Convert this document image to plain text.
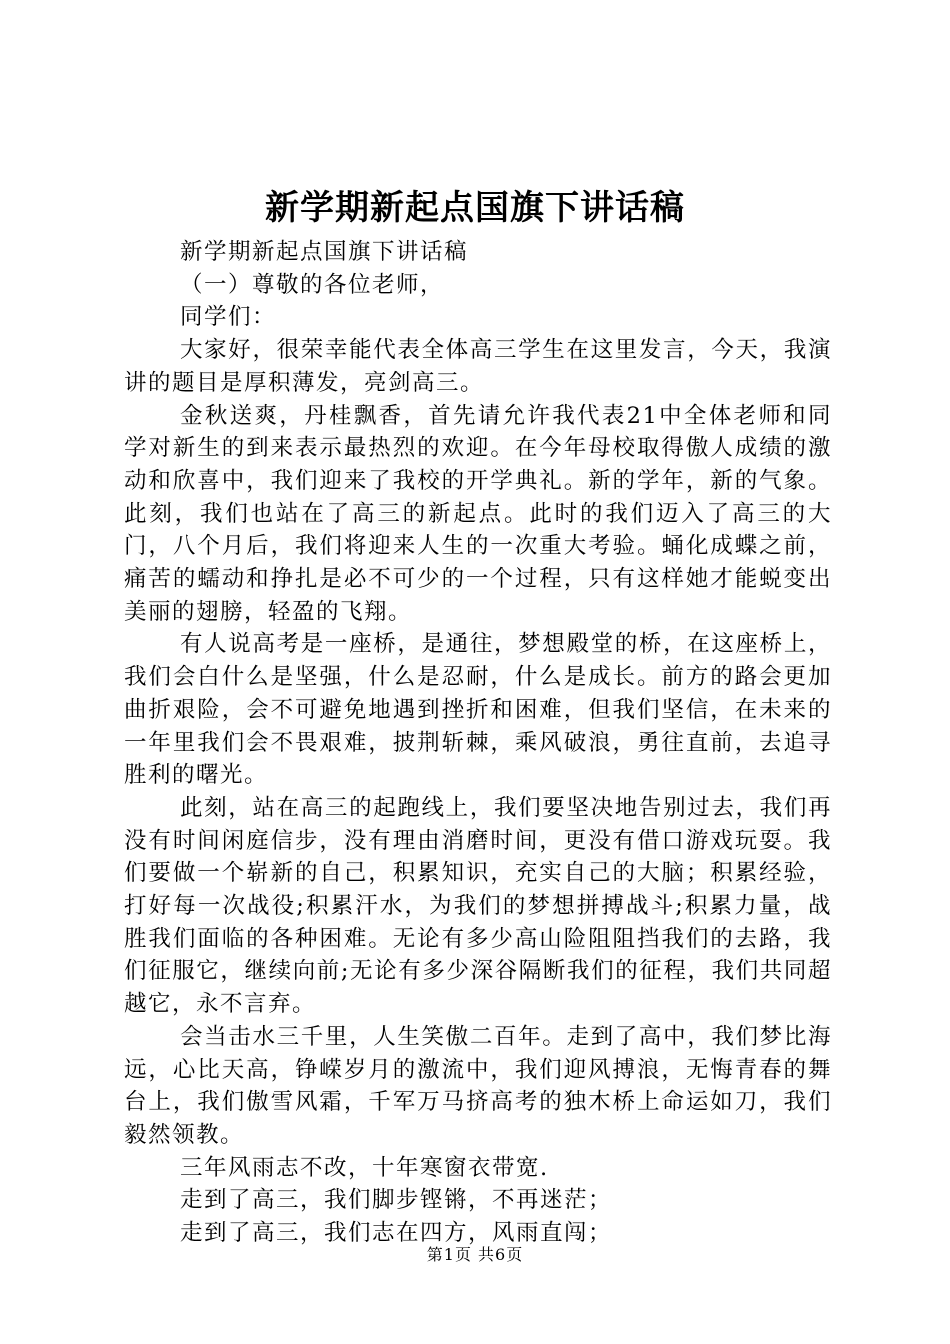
新学期新起点国旗下讲话稿

新学期新起点国旗下讲话稿

（一）尊敬的各位老师，

同学们：

大家好，很荣幸能代表全体高三学生在这里发言，今天，我演讲的题目是厚积薄发，亮剑高三。

金秋送爽，丹桂飘香，首先请允许我代表21中全体老师和同学对新生的到来表示最热烈的欢迎。在今年母校取得傲人成绩的激动和欣喜中，我们迎来了我校的开学典礼。新的学年，新的气象。此刻，我们也站在了高三的新起点。此时的我们迈入了高三的大门，八个月后，我们将迎来人生的一次重大考验。蛹化成蝶之前，痛苦的蠕动和挣扎是必不可少的一个过程，只有这样她才能蜕变出美丽的翅膀，轻盈的飞翔。

有人说高考是一座桥，是通往，梦想殿堂的桥，在这座桥上，我们会白什么是坚强，什么是忍耐，什么是成长。前方的路会更加曲折艰险，会不可避免地遇到挫折和困难，但我们坚信，在未来的一年里我们会不畏艰难，披荆斩棘，乘风破浪，勇往直前，去追寻胜利的曙光。

此刻，站在高三的起跑线上，我们要坚决地告别过去，我们再没有时间闲庭信步，没有理由消磨时间，更没有借口游戏玩耍。我们要做一个崭新的自己，积累知识，充实自己的大脑；积累经验，打好每一次战役;积累汗水，为我们的梦想拼搏战斗;积累力量，战胜我们面临的各种困难。无论有多少高山险阻阻挡我们的去路，我们征服它，继续向前;无论有多少深谷隔断我们的征程，我们共同超越它，永不言弃。

会当击水三千里，人生笑傲二百年。走到了高中，我们梦比海远，心比天高，铮嵘岁月的激流中，我们迎风搏浪，无悔青春的舞台上，我们傲雪风霜，千军万马挤高考的独木桥上命运如刀，我们毅然领教。

三年风雨志不改，十年寒窗衣带宽.

走到了高三，我们脚步铿锵，不再迷茫；

走到了高三，我们志在四方，风雨直闯；

第1页 共6页
